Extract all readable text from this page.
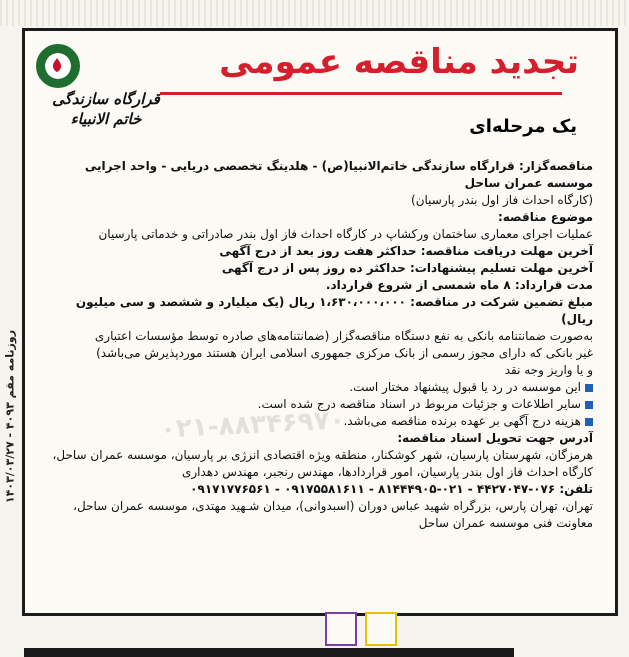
روزنامه مقم ۴۰۹۳ - ۱۴۰۳/۰۳/۲۷
قرارگاه سازندگی خاتم الانبیاء
تجدید مناقصه عمومی
یک مرحله‌ای
۰۲۱-۸۸۳۴۶۹۷۰

مناقصه‌گزار: قرارگاه سازندگی خاتم‌الانبیا(ص) - هلدینگ تخصصی دریایی - واحد اجرایی موسسه عمران ساحل

(کارگاه احداث فاز اول بندر پارسیان)

موضوع مناقصه:

عملیات اجرای معماری ساختمان ورکشاپ در کارگاه احداث فاز اول بندر صادراتی و خدماتی پارسیان

آخرین مهلت دریافت مناقصه: حداکثر هفت روز بعد از درج آگهی

آخرین مهلت تسلیم پیشنهادات: حداکثر ده روز پس از درج آگهی

مدت قرارداد: ۸ ماه شمسی از شروع قرارداد.

مبلغ تضمین شرکت در مناقصه: ۱،۶۳۰،۰۰۰،۰۰۰ ریال (یک میلیارد و ششصد و سی میلیون ریال)

به‌صورت ضمانتنامه بانکی به نفع دستگاه مناقصه‌گزار (ضمانتنامه‌های صادره توسط مؤسسات اعتباری

غیر بانکی که دارای مجوز رسمی از بانک مرکزی جمهوری اسلامی ایران هستند موردپذیرش می‌باشد)

و یا واریز وجه نقد

این موسسه در رد یا قبول پیشنهاد مختار است.

سایر اطلاعات و جزئیات مربوط در اسناد مناقصه درج شده است.

هزینه درج آگهی بر عهده برنده مناقصه می‌باشد.

آدرس جهت تحویل اسناد مناقصه:

هرمزگان، شهرستان پارسیان، شهر کوشکنار، منطقه ویژه اقتصادی انرژی بر پارسیان، موسسه عمران ساحل،

کارگاه احداث فاز اول بندر پارسیان، امور قراردادها، مهندس رنجبر، مهندس دهداری

تلفن: ۰۷۶-۴۴۲۷۰۴۷ - ۰۲۱-۸۱۴۴۴۹۰۵ - ۰۹۱۷۵۵۸۱۶۱۱ - ۰۹۱۷۱۷۷۶۵۶۱

تهران، تهران پارس، بزرگراه شهید عباس دوران (اسبدوانی)، میدان شـهید مهتدی، موسسه عمران ساحل،

معاونت فنی موسسه عمران ساحل
